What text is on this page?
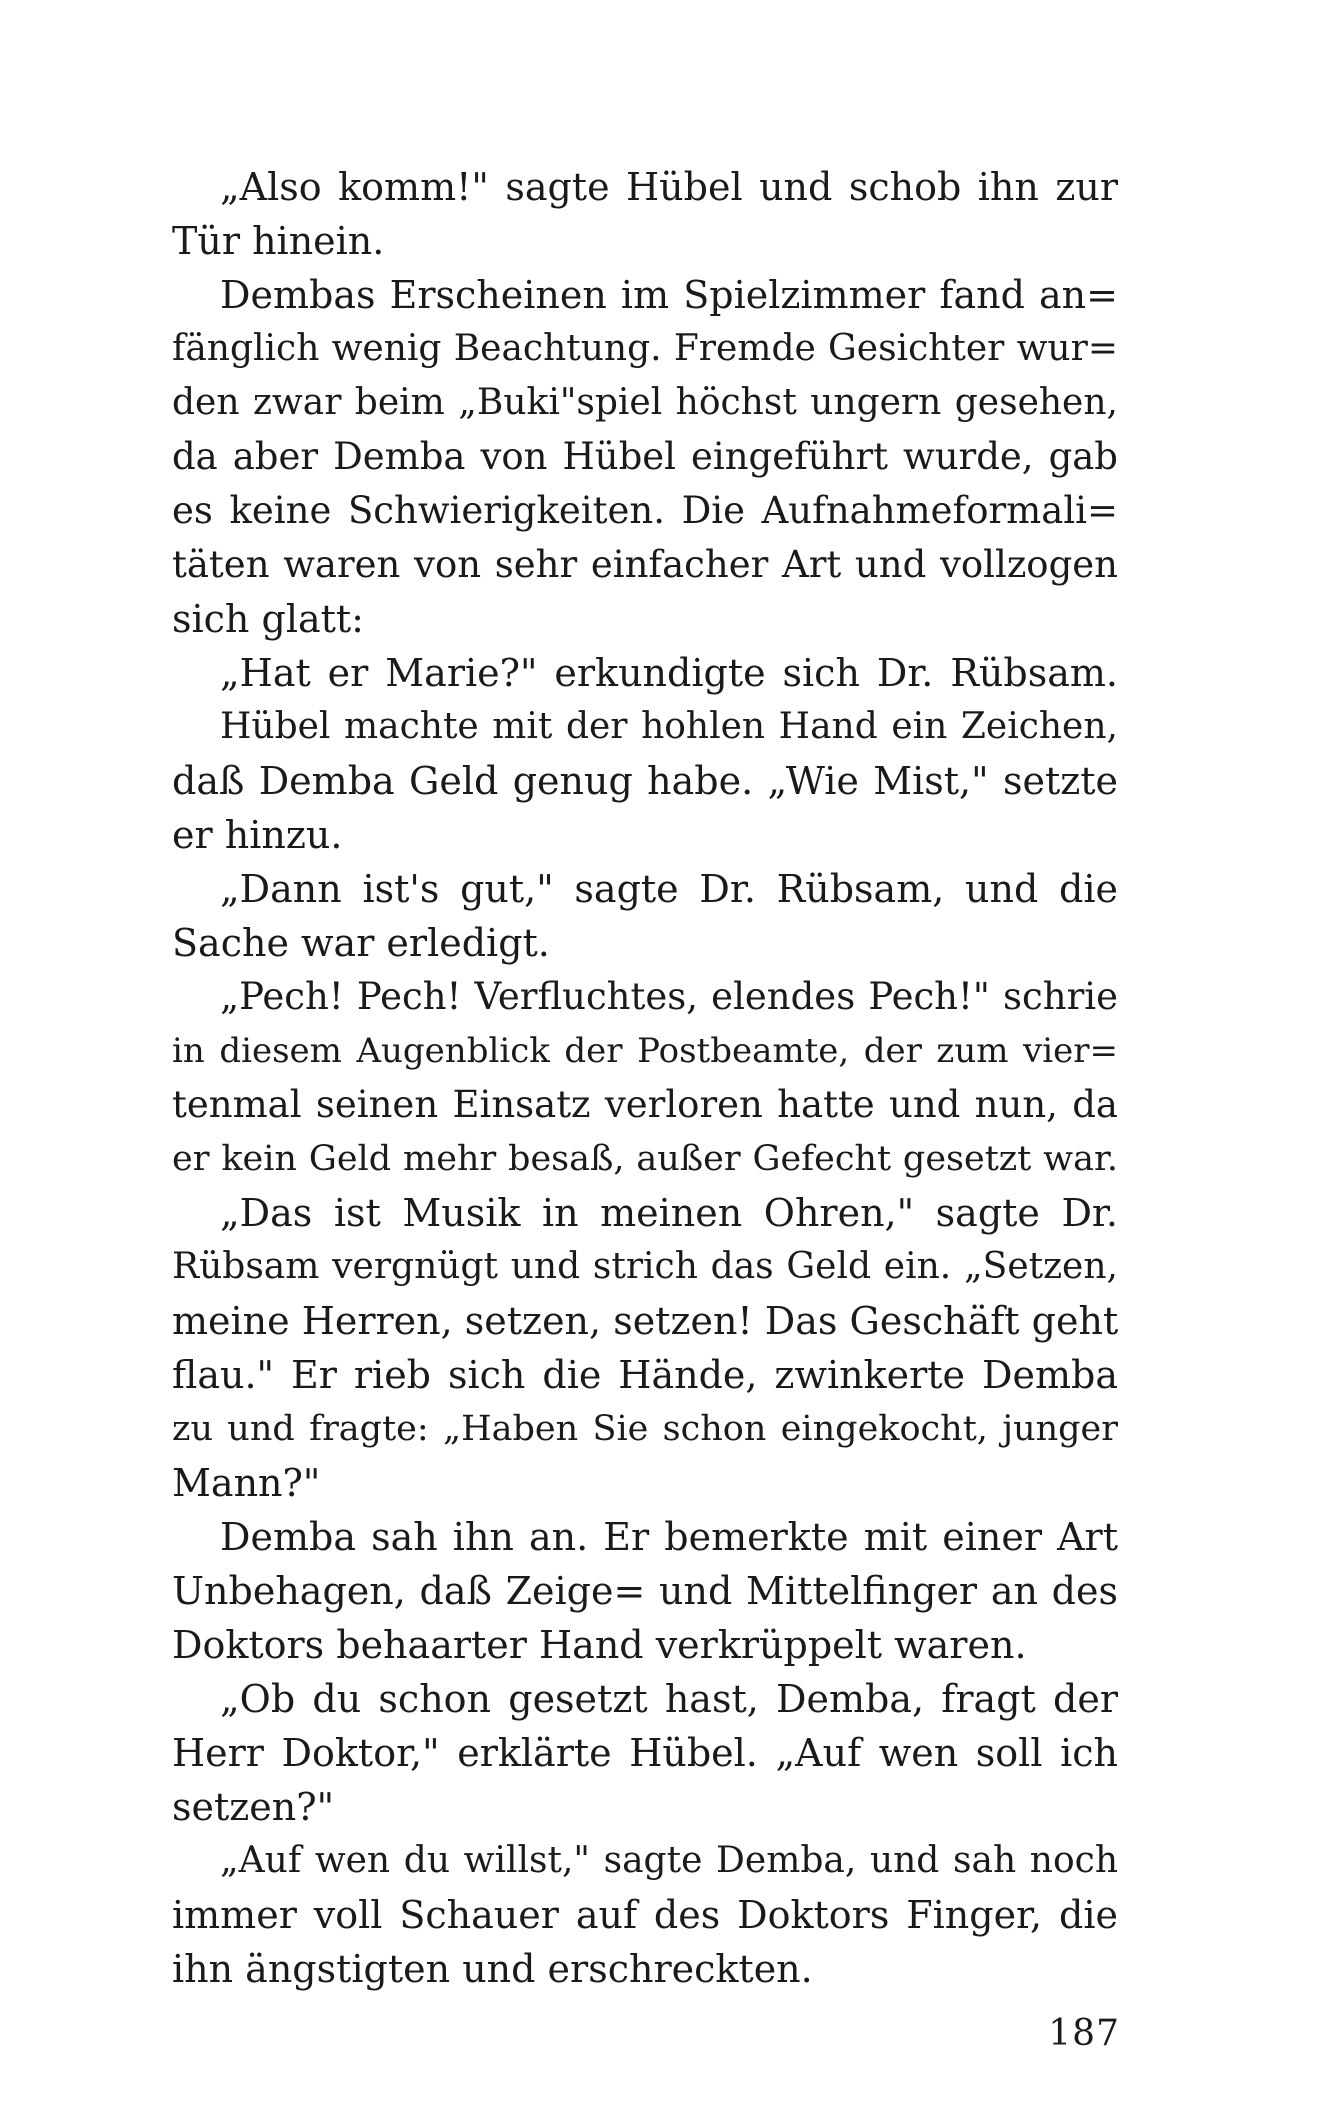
„Also komm!" sagte Hübel und schob ihn zur
Tür hinein.
Dembas Erscheinen im Spielzimmer fand an=
fänglich wenig Beachtung. Fremde Gesichter wur=
den zwar beim „Buki"spiel höchst ungern gesehen,
da aber Demba von Hübel eingeführt wurde, gab
es keine Schwierigkeiten. Die Aufnahmeformali=
täten waren von sehr einfacher Art und vollzogen
sich glatt:
„Hat er Marie?" erkundigte sich Dr. Rübsam.
Hübel machte mit der hohlen Hand ein Zeichen,
daß Demba Geld genug habe. „Wie Mist," setzte
er hinzu.
„Dann ist's gut," sagte Dr. Rübsam, und die
Sache war erledigt.
„Pech! Pech! Verfluchtes, elendes Pech!" schrie
in diesem Augenblick der Postbeamte, der zum vier=
tenmal seinen Einsatz verloren hatte und nun, da
er kein Geld mehr besaß, außer Gefecht gesetzt war.
„Das ist Musik in meinen Ohren," sagte Dr.
Rübsam vergnügt und strich das Geld ein. „Setzen,
meine Herren, setzen, setzen! Das Geschäft geht
flau." Er rieb sich die Hände, zwinkerte Demba
zu und fragte: „Haben Sie schon eingekocht, junger
Mann?"
Demba sah ihn an. Er bemerkte mit einer Art
Unbehagen, daß Zeige= und Mittelfinger an des
Doktors behaarter Hand verkrüppelt waren.
„Ob du schon gesetzt hast, Demba, fragt der
Herr Doktor," erklärte Hübel. „Auf wen soll ich
setzen?"
„Auf wen du willst," sagte Demba, und sah noch
immer voll Schauer auf des Doktors Finger, die
ihn ängstigten und erschreckten.
187
